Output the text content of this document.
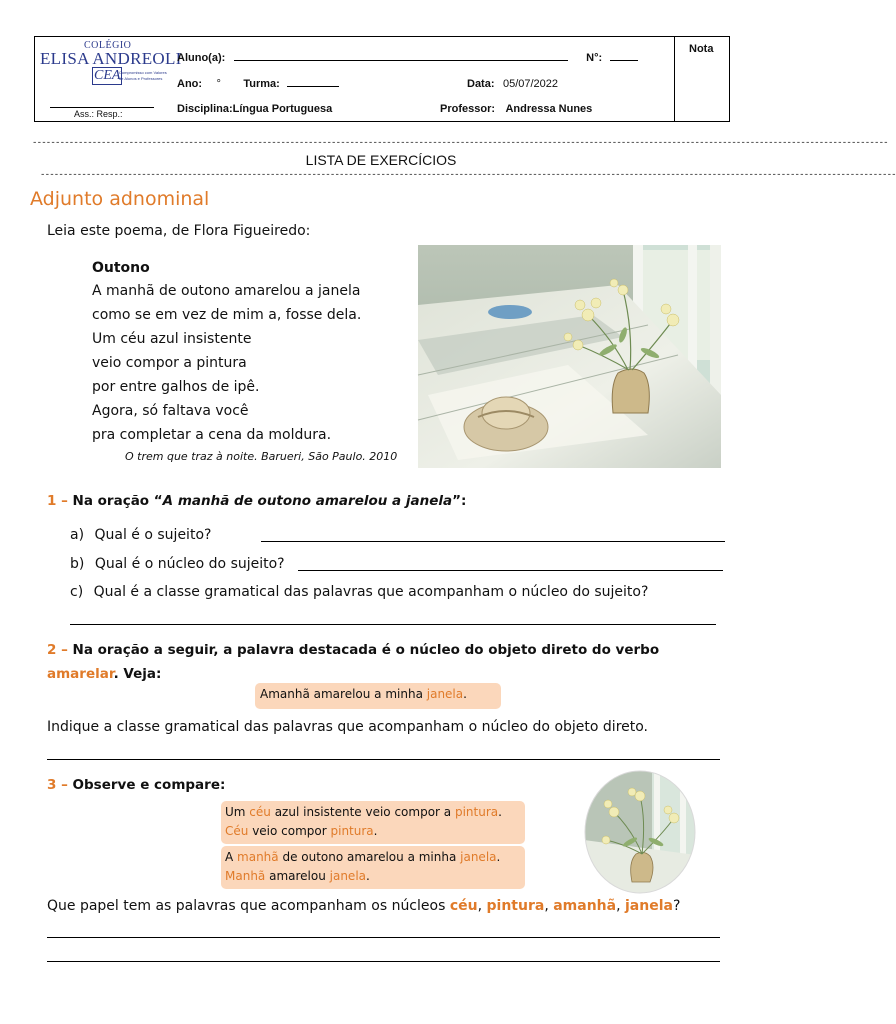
COLÉGIO
ELISA ANDREOLI
CEA
Compromisso com Valores
de Alunos e Professores
Ass.: Resp.:
Aluno(a):	N°:
Ano: ° Turma:	Data: 05/07/2022
Disciplina:Língua Portuguesa	Professor: Andressa Nunes
Nota
------------------------------------------------------------------------------------------------------------------------------------------------------------------------------------------
LISTA DE EXERCÍCIOS
------------------------------------------------------------------------------------------------------------------------------------------------------------------------------------------
Adjunto adnominal
Leia este poema, de Flora Figueiredo:
Outono
A manhã de outono amarelou a janela
como se em vez de mim a, fosse dela.
Um céu azul insistente
veio compor a pintura
por entre galhos de ipê.
Agora, só faltava você
pra completar a cena da moldura.
O trem que traz à noite. Barueri, São Paulo. 2010
1 – Na oração “A manhã de outono amarelou a janela”:
a) Qual é o sujeito?
b) Qual é o núcleo do sujeito?
c) Qual é a classe gramatical das palavras que acompanham o núcleo do sujeito?
2 – Na oração a seguir, a palavra destacada é o núcleo do objeto direto do verbo
amarelar. Veja:
Amanhã amarelou a minha janela.
Indique a classe gramatical das palavras que acompanham o núcleo do objeto direto.
3 – Observe e compare:
Um céu azul insistente veio compor a pintura.
Céu veio compor pintura.
A manhã de outono amarelou a minha janela.
Manhã amarelou janela.
Que papel tem as palavras que acompanham os núcleos céu, pintura, amanhã, janela?
